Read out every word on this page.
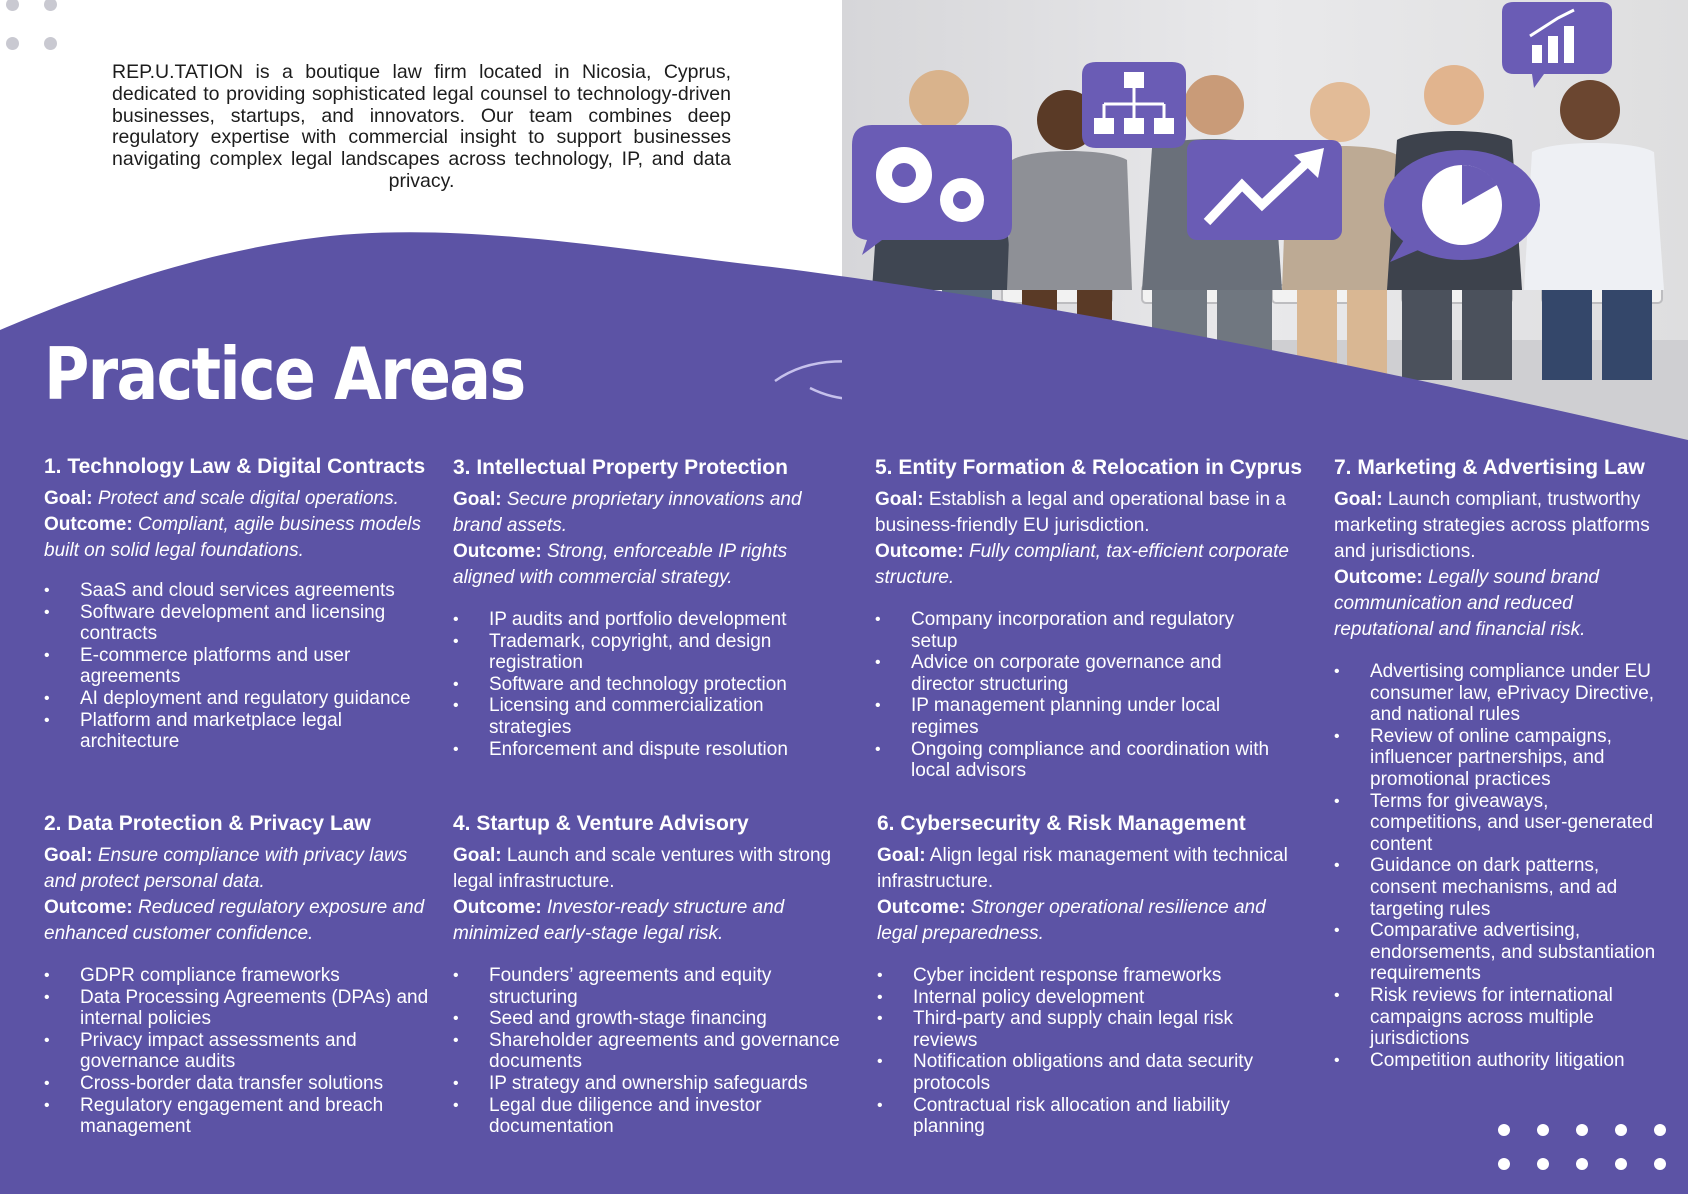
REP.U.TATION is a boutique law firm located in Nicosia, Cyprus, dedicated to providing sophisticated legal counsel to technology-driven businesses, startups, and innovators. Our team combines deep regulatory expertise with commercial insight to support businesses navigating complex legal landscapes across technology, IP, and data privacy.

Practice Areas
1. Technology Law & Digital Contracts

Goal: Protect and scale digital operations.

Outcome: Compliant, agile business models built on solid legal foundations.

• SaaS and cloud services agreements
• Software development and licensing contracts
• E-commerce platforms and user agreements
• AI deployment and regulatory guidance
• Platform and marketplace legal architecture
2. Data Protection & Privacy Law

Goal: Ensure compliance with privacy laws and protect personal data.

Outcome: Reduced regulatory exposure and enhanced customer confidence.

• GDPR compliance frameworks
• Data Processing Agreements (DPAs) and internal policies
• Privacy impact assessments and governance audits
• Cross-border data transfer solutions
• Regulatory engagement and breach management
3. Intellectual Property Protection

Goal: Secure proprietary innovations and brand assets.

Outcome: Strong, enforceable IP rights aligned with commercial strategy.

• IP audits and portfolio development
• Trademark, copyright, and design registration
• Software and technology protection
• Licensing and commercialization strategies
• Enforcement and dispute resolution
4. Startup & Venture Advisory

Goal: Launch and scale ventures with strong legal infrastructure.

Outcome: Investor-ready structure and minimized early-stage legal risk.

• Founders’ agreements and equity structuring
• Seed and growth-stage financing
• Shareholder agreements and governance documents
• IP strategy and ownership safeguards
• Legal due diligence and investor documentation
5. Entity Formation & Relocation in Cyprus

Goal: Establish a legal and operational base in a business-friendly EU jurisdiction.

Outcome: Fully compliant, tax-efficient corporate structure.

• Company incorporation and regulatory setup
• Advice on corporate governance and director structuring
• IP management planning under local regimes
• Ongoing compliance and coordination with local advisors
6. Cybersecurity & Risk Management

Goal: Align legal risk management with technical infrastructure.

Outcome: Stronger operational resilience and legal preparedness.

• Cyber incident response frameworks
• Internal policy development
• Third-party and supply chain legal risk reviews
• Notification obligations and data security protocols
• Contractual risk allocation and liability planning
7. Marketing & Advertising Law

Goal: Launch compliant, trustworthy marketing strategies across platforms and jurisdictions.

Outcome: Legally sound brand communication and reduced reputational and financial risk.

• Advertising compliance under EU consumer law, ePrivacy Directive, and national rules
• Review of online campaigns, influencer partnerships, and promotional practices
• Terms for giveaways, competitions, and user-generated content
• Guidance on dark patterns, consent mechanisms, and ad targeting rules
• Comparative advertising, endorsements, and substantiation requirements
• Risk reviews for international campaigns across multiple jurisdictions
• Competition authority litigation
